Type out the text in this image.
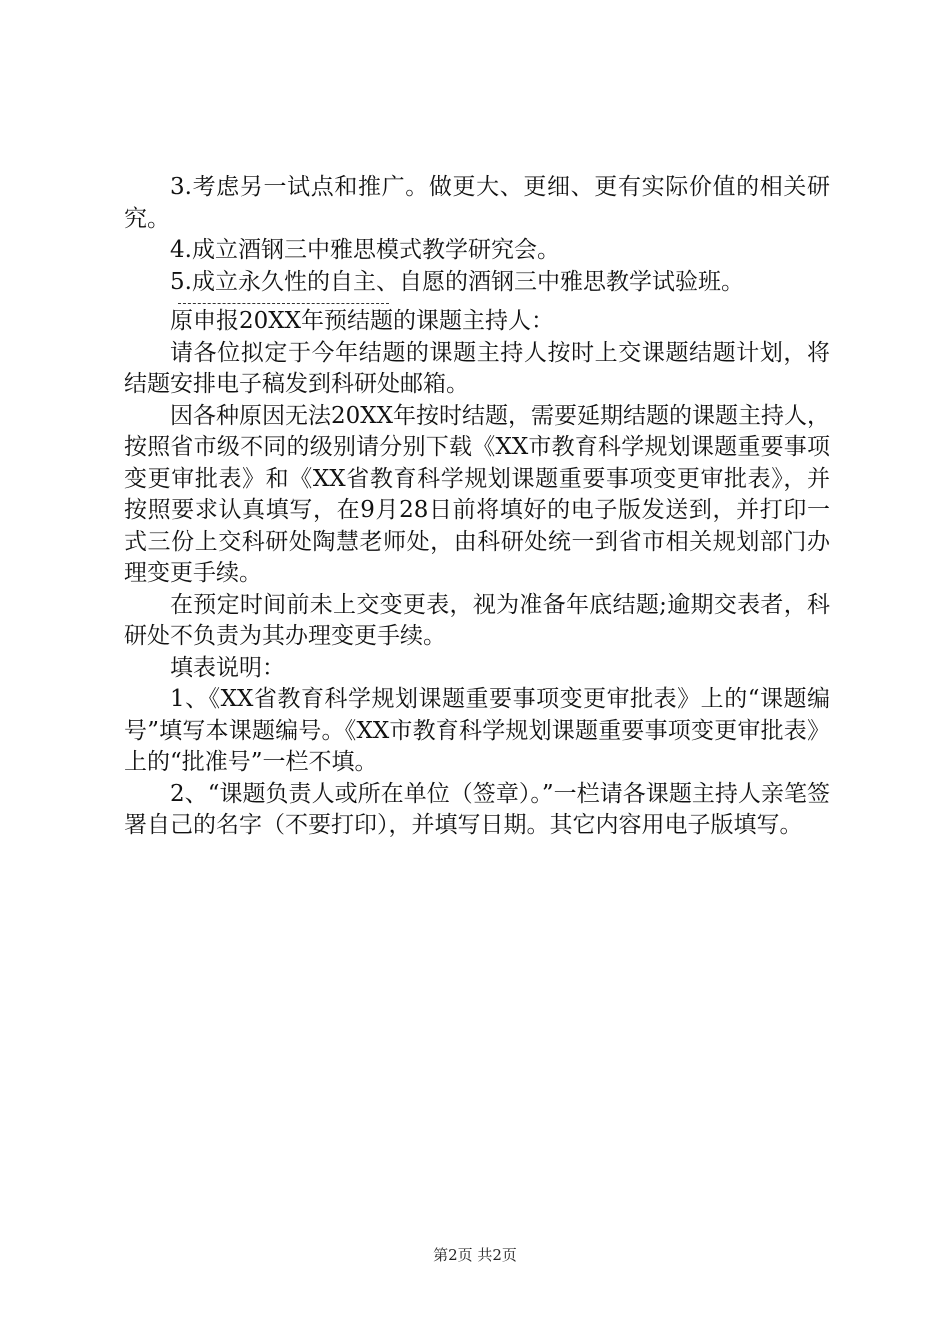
3.考虑另一试点和推广。做更大、更细、更有实际价值的相关研究。

4.成立酒钢三中雅思模式教学研究会。

5.成立永久性的自主、自愿的酒钢三中雅思教学试验班。

原申报20XX年预结题的课题主持人：

请各位拟定于今年结题的课题主持人按时上交课题结题计划，将结题安排电子稿发到科研处邮箱。

因各种原因无法20XX年按时结题，需要延期结题的课题主持人，按照省市级不同的级别请分别下载《XX市教育科学规划课题重要事项变更审批表》和《XX省教育科学规划课题重要事项变更审批表》，并按照要求认真填写，在9月28日前将填好的电子版发送到，并打印一式三份上交科研处陶慧老师处，由科研处统一到省市相关规划部门办理变更手续。

在预定时间前未上交变更表，视为准备年底结题;逾期交表者，科研处不负责为其办理变更手续。

填表说明：

1、《XX省教育科学规划课题重要事项变更审批表》上的“课题编号”填写本课题编号。《XX市教育科学规划课题重要事项变更审批表》上的“批准号”一栏不填。

2、“课题负责人或所在单位（签章）。”一栏请各课题主持人亲笔签署自己的名字（不要打印），并填写日期。其它内容用电子版填写。

第2页 共2页
